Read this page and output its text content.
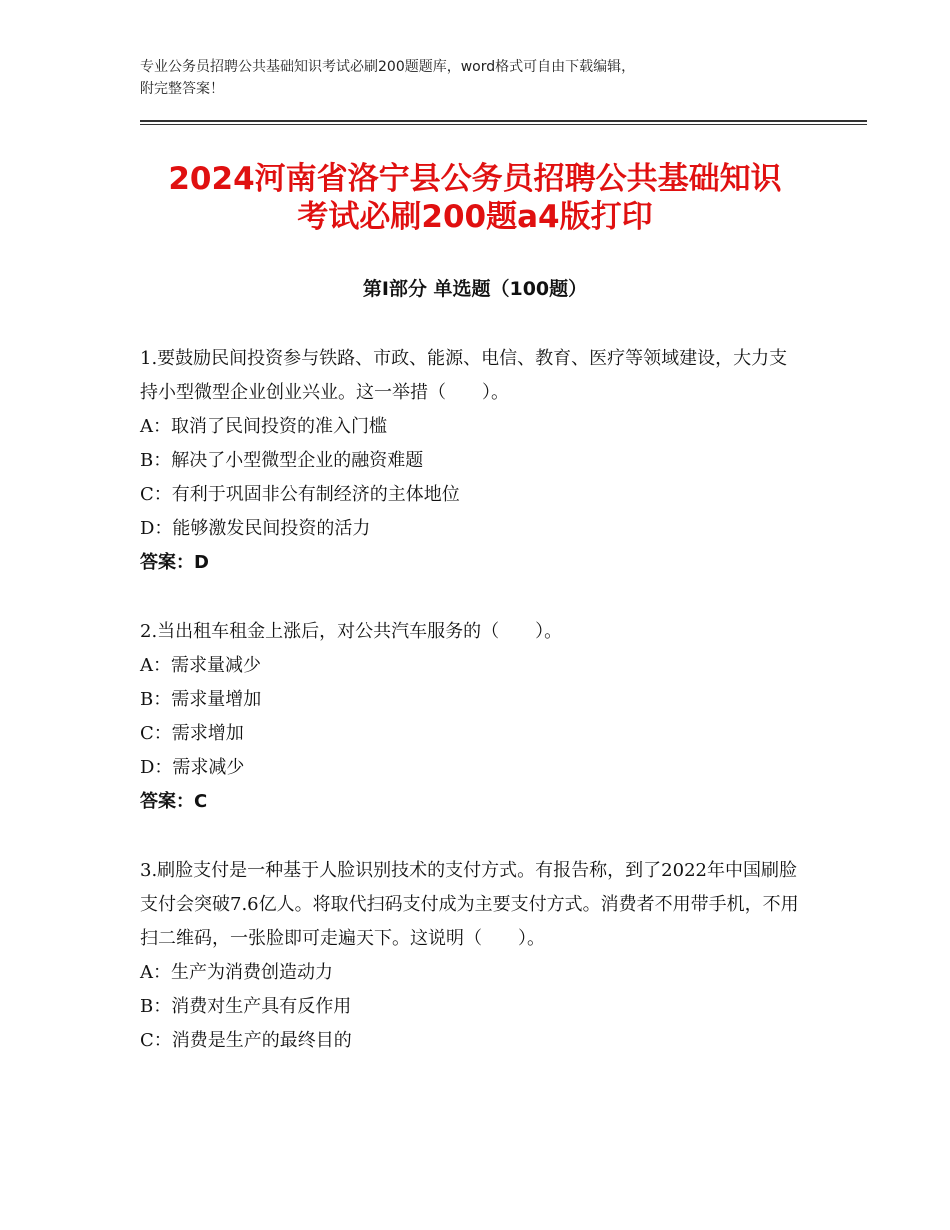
专业公务员招聘公共基础知识考试必刷200题题库，word格式可自由下载编辑，
附完整答案！
2024河南省洛宁县公务员招聘公共基础知识
考试必刷200题a4版打印
第Ⅰ部分 单选题（100题）

1.要鼓励民间投资参与铁路、市政、能源、电信、教育、医疗等领域建设，大力支持小型微型企业创业兴业。这一举措（　　）。

A：取消了民间投资的准入门槛

B：解决了小型微型企业的融资难题

C：有利于巩固非公有制经济的主体地位

D：能够激发民间投资的活力

答案：D

2.当出租车租金上涨后，对公共汽车服务的（　　）。

A：需求量减少

B：需求量增加

C：需求增加

D：需求减少

答案：C

3.刷脸支付是一种基于人脸识别技术的支付方式。有报告称，到了2022年中国刷脸支付会突破7.6亿人。将取代扫码支付成为主要支付方式。消费者不用带手机，不用扫二维码，一张脸即可走遍天下。这说明（　　）。

A：生产为消费创造动力

B：消费对生产具有反作用

C：消费是生产的最终目的
